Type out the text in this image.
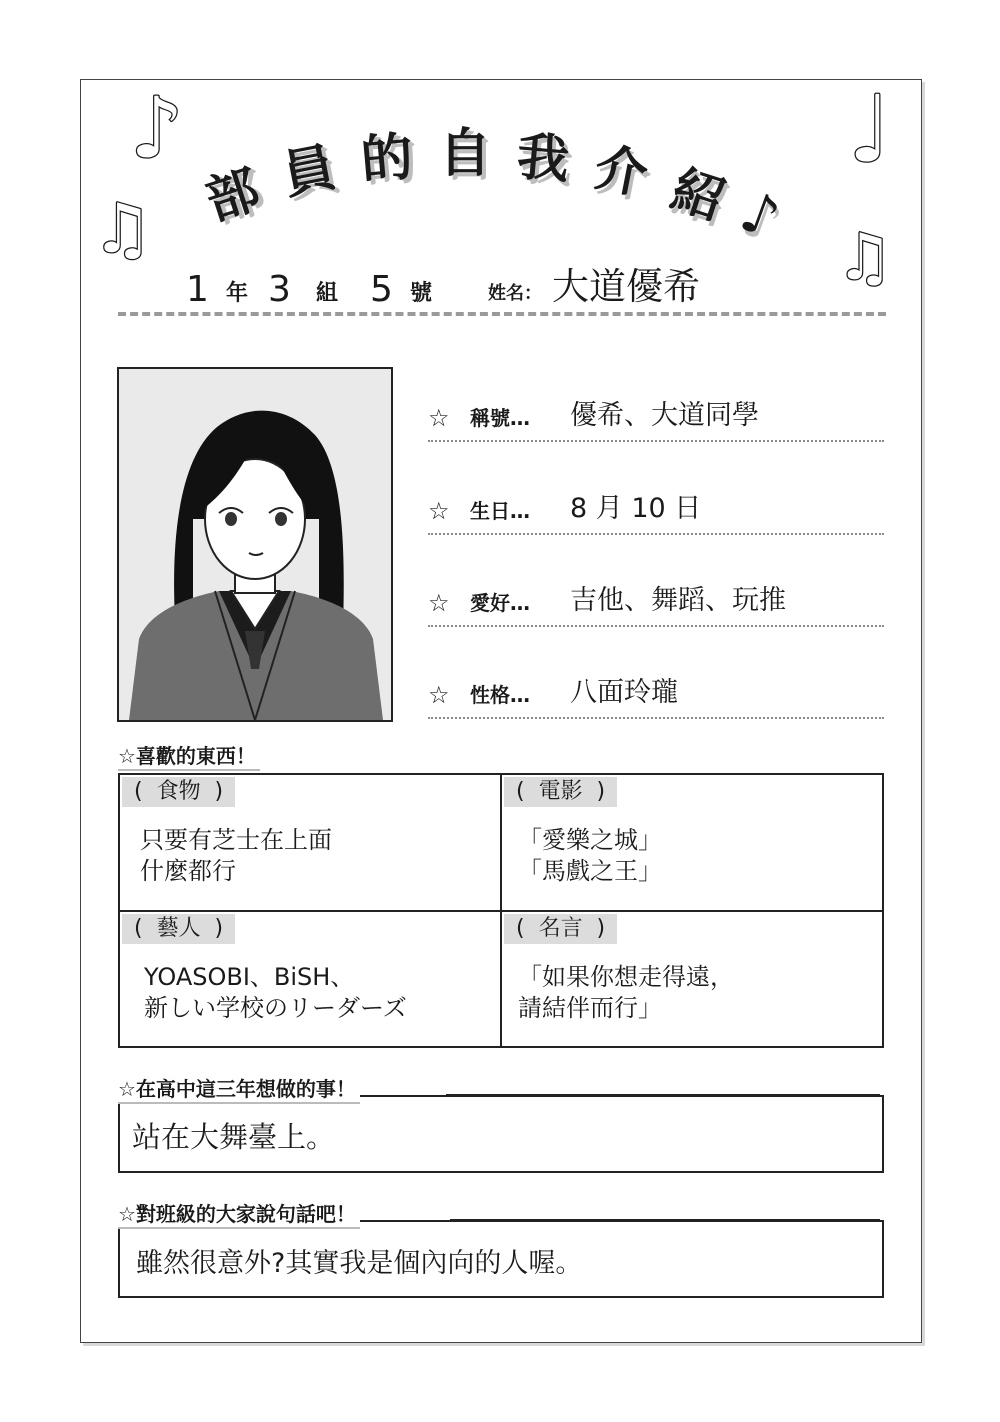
♪
♫
♩
♫
部 員 的 自 我 介 紹 ♪
1 年 3 組 5 號	姓名： 大道優希
☆ 稱號… 優希、大道同學
☆ 生日… 8 月 10 日
☆ 愛好… 吉他、舞蹈、玩推
☆ 性格… 八面玲瓏
☆喜歡的東西！
(  食物  )
只要有芝士在上面
什麼都行
(  電影  )
「愛樂之城」
「馬戲之王」
(  藝人  )
YOASOBI、BiSH、
新しい学校のリーダーズ
(  名言  )
「如果你想走得遠，
請結伴而行」
站在大舞臺上。
☆在高中這三年想做的事！
雖然很意外?其實我是個內向的人喔。
☆對班級的大家說句話吧！
